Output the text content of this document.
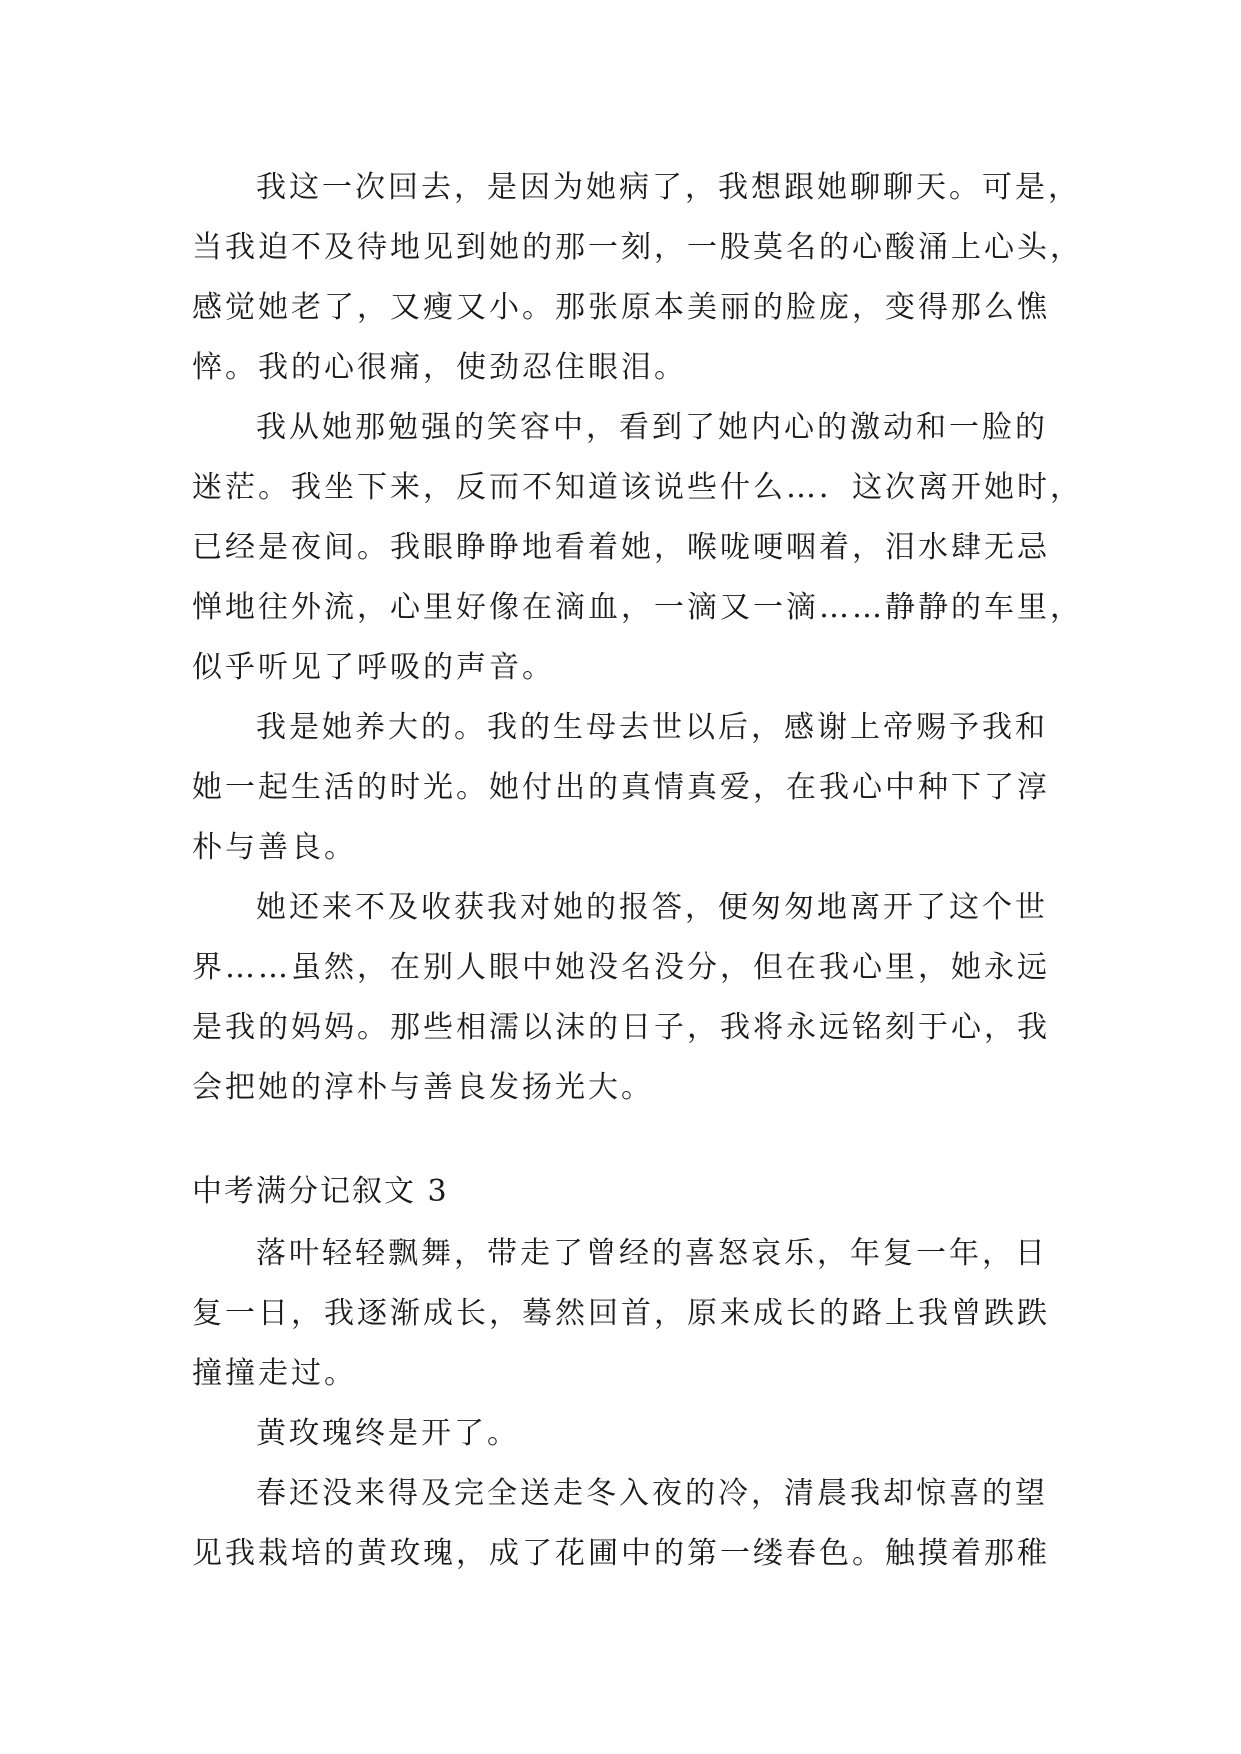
我这一次回去，是因为她病了，我想跟她聊聊天。可是，
当我迫不及待地见到她的那一刻，一股莫名的心酸涌上心头，
感觉她老了，又瘦又小。那张原本美丽的脸庞，变得那么憔
悴。我的心很痛，使劲忍住眼泪。
我从她那勉强的笑容中，看到了她内心的激动和一脸的
迷茫。我坐下来，反而不知道该说些什么…．这次离开她时，
已经是夜间。我眼睁睁地看着她，喉咙哽咽着，泪水肆无忌
惮地往外流，心里好像在滴血，一滴又一滴……静静的车里，
似乎听见了呼吸的声音。
我是她养大的。我的生母去世以后，感谢上帝赐予我和
她一起生活的时光。她付出的真情真爱，在我心中种下了淳
朴与善良。
她还来不及收获我对她的报答，便匆匆地离开了这个世
界……虽然，在别人眼中她没名没分，但在我心里，她永远
是我的妈妈。那些相濡以沫的日子，我将永远铭刻于心，我
会把她的淳朴与善良发扬光大。
中考满分记叙文 3
落叶轻轻飘舞，带走了曾经的喜怒哀乐，年复一年，日
复一日，我逐渐成长，蓦然回首，原来成长的路上我曾跌跌
撞撞走过。
黄玫瑰终是开了。
春还没来得及完全送走冬入夜的冷，清晨我却惊喜的望
见我栽培的黄玫瑰，成了花圃中的第一缕春色。触摸着那稚
